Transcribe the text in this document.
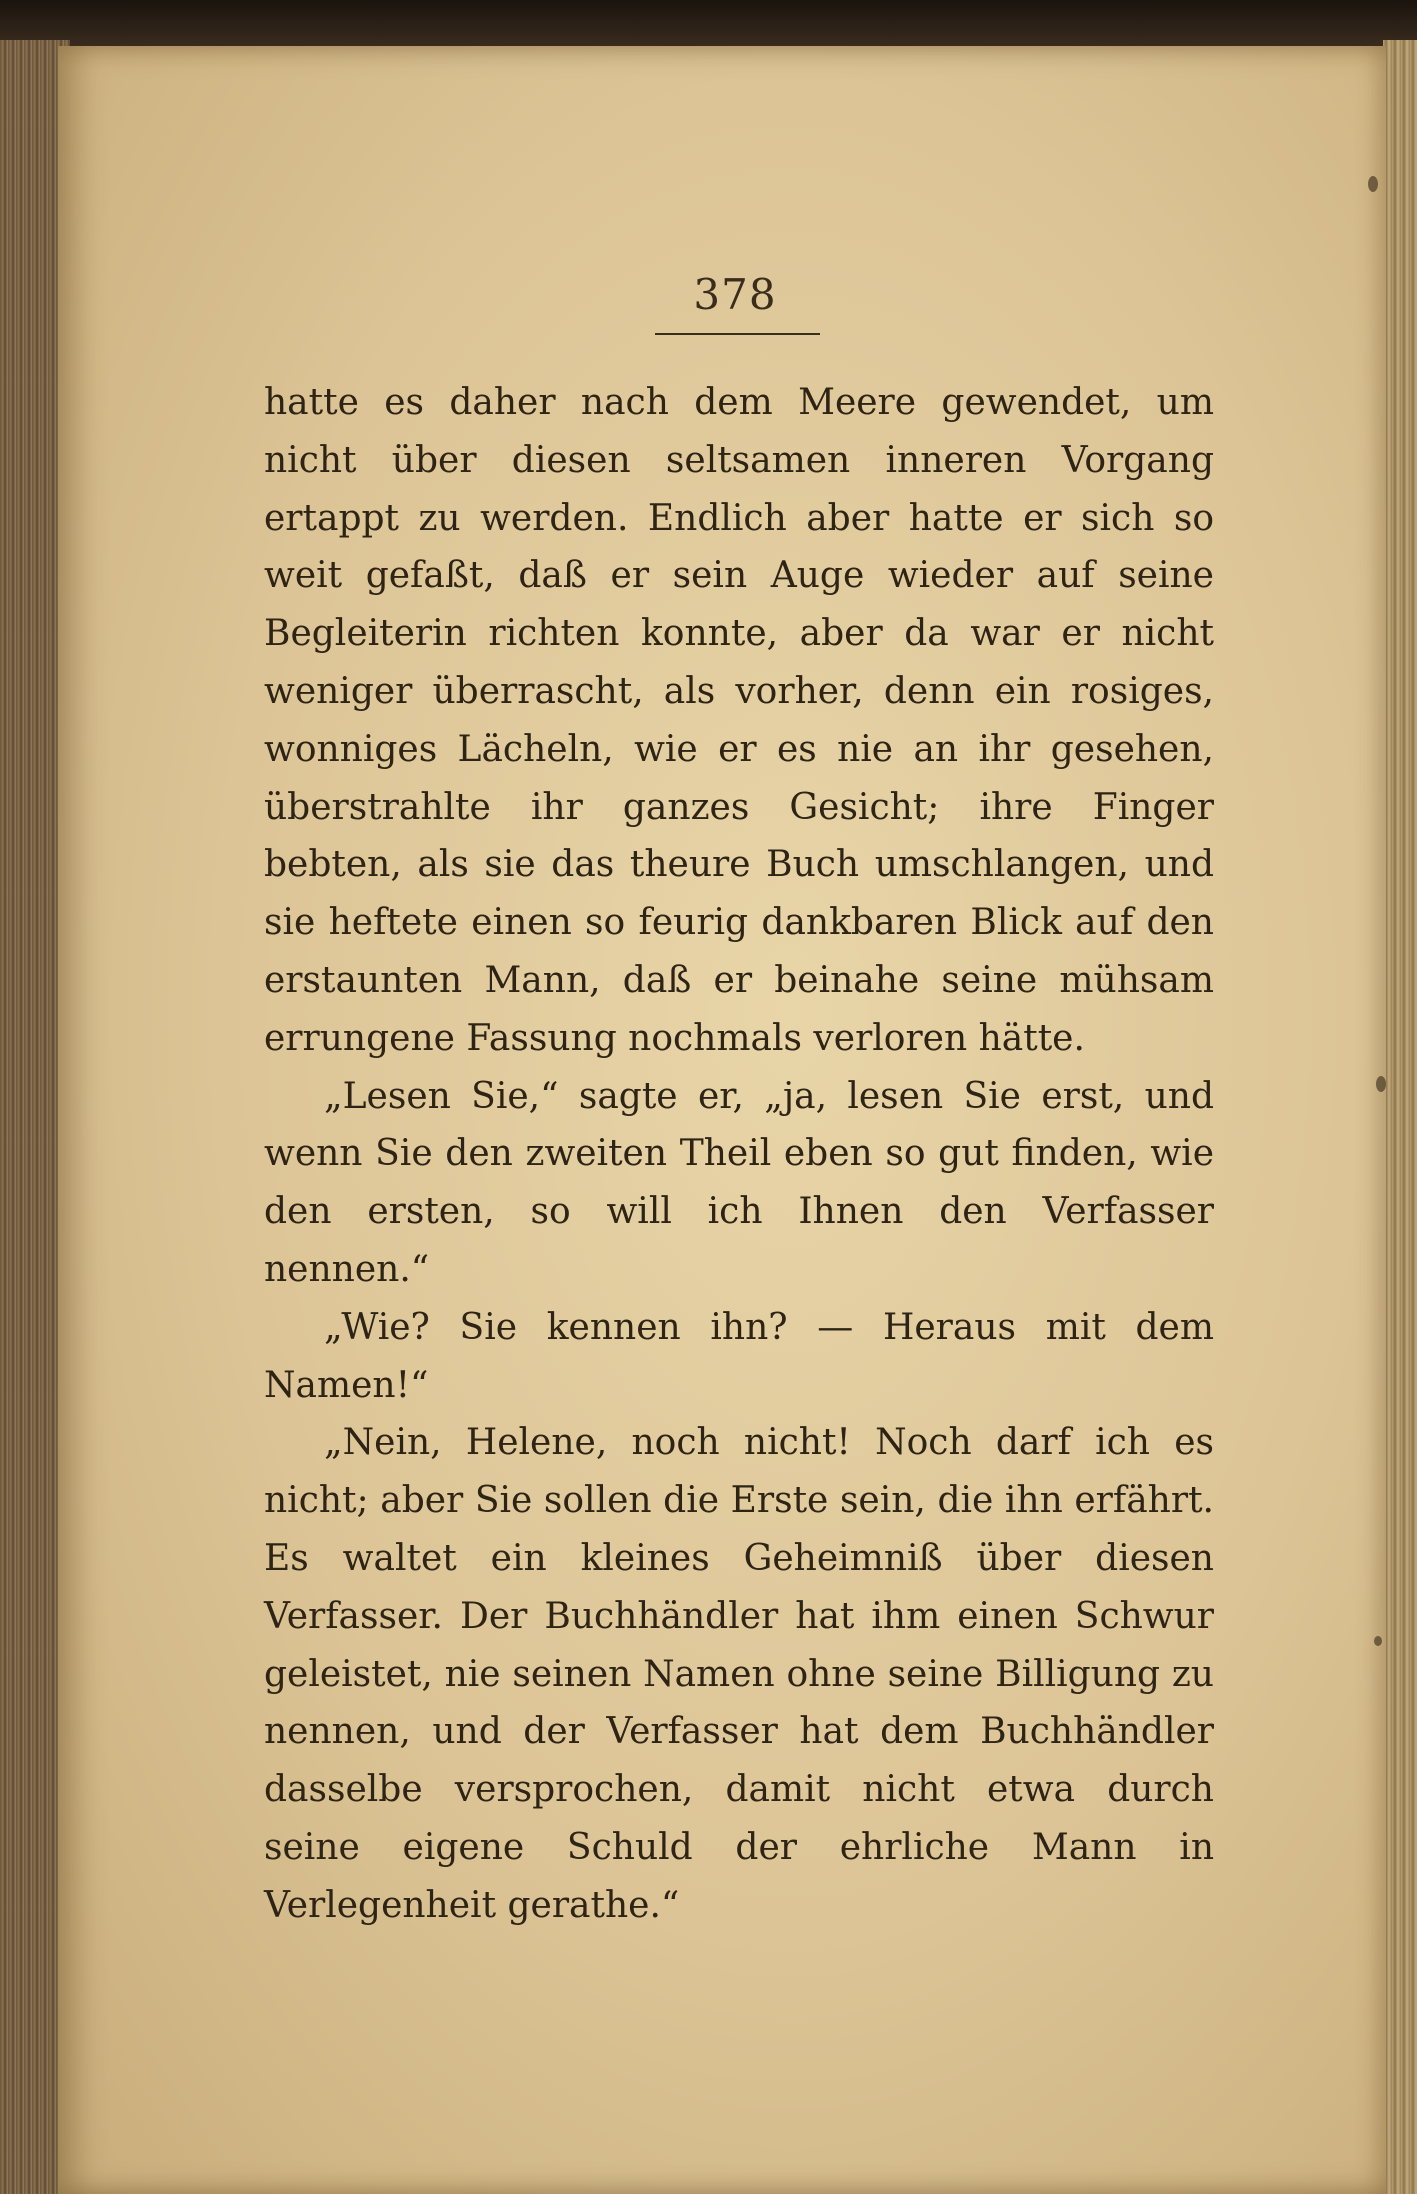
378

hatte es daher nach dem Meere gewendet, um nicht über diesen seltsamen inneren Vorgang ertappt zu werden. Endlich aber hatte er sich so weit gefaßt, daß er sein Auge wieder auf seine Begleiterin richten konnte, aber da war er nicht weniger überrascht, als vorher, denn ein rosiges, wonniges Lächeln, wie er es nie an ihr gesehen, überstrahlte ihr ganzes Gesicht; ihre Finger bebten, als sie das theure Buch umschlangen, und sie heftete einen so feurig dankbaren Blick auf den erstaunten Mann, daß er beinahe seine mühsam errungene Fassung nochmals verloren hätte.

„Lesen Sie,“ sagte er, „ja, lesen Sie erst, und wenn Sie den zweiten Theil eben so gut finden, wie den ersten, so will ich Ihnen den Verfasser nennen.“

„Wie? Sie kennen ihn? — Heraus mit dem Namen!“

„Nein, Helene, noch nicht! Noch darf ich es nicht; aber Sie sollen die Erste sein, die ihn erfährt. Es waltet ein kleines Geheimniß über diesen Verfasser. Der Buchhändler hat ihm einen Schwur geleistet, nie seinen Namen ohne seine Billigung zu nennen, und der Verfasser hat dem Buchhändler dasselbe versprochen, damit nicht etwa durch seine eigene Schuld der ehrliche Mann in Verlegenheit gerathe.“
